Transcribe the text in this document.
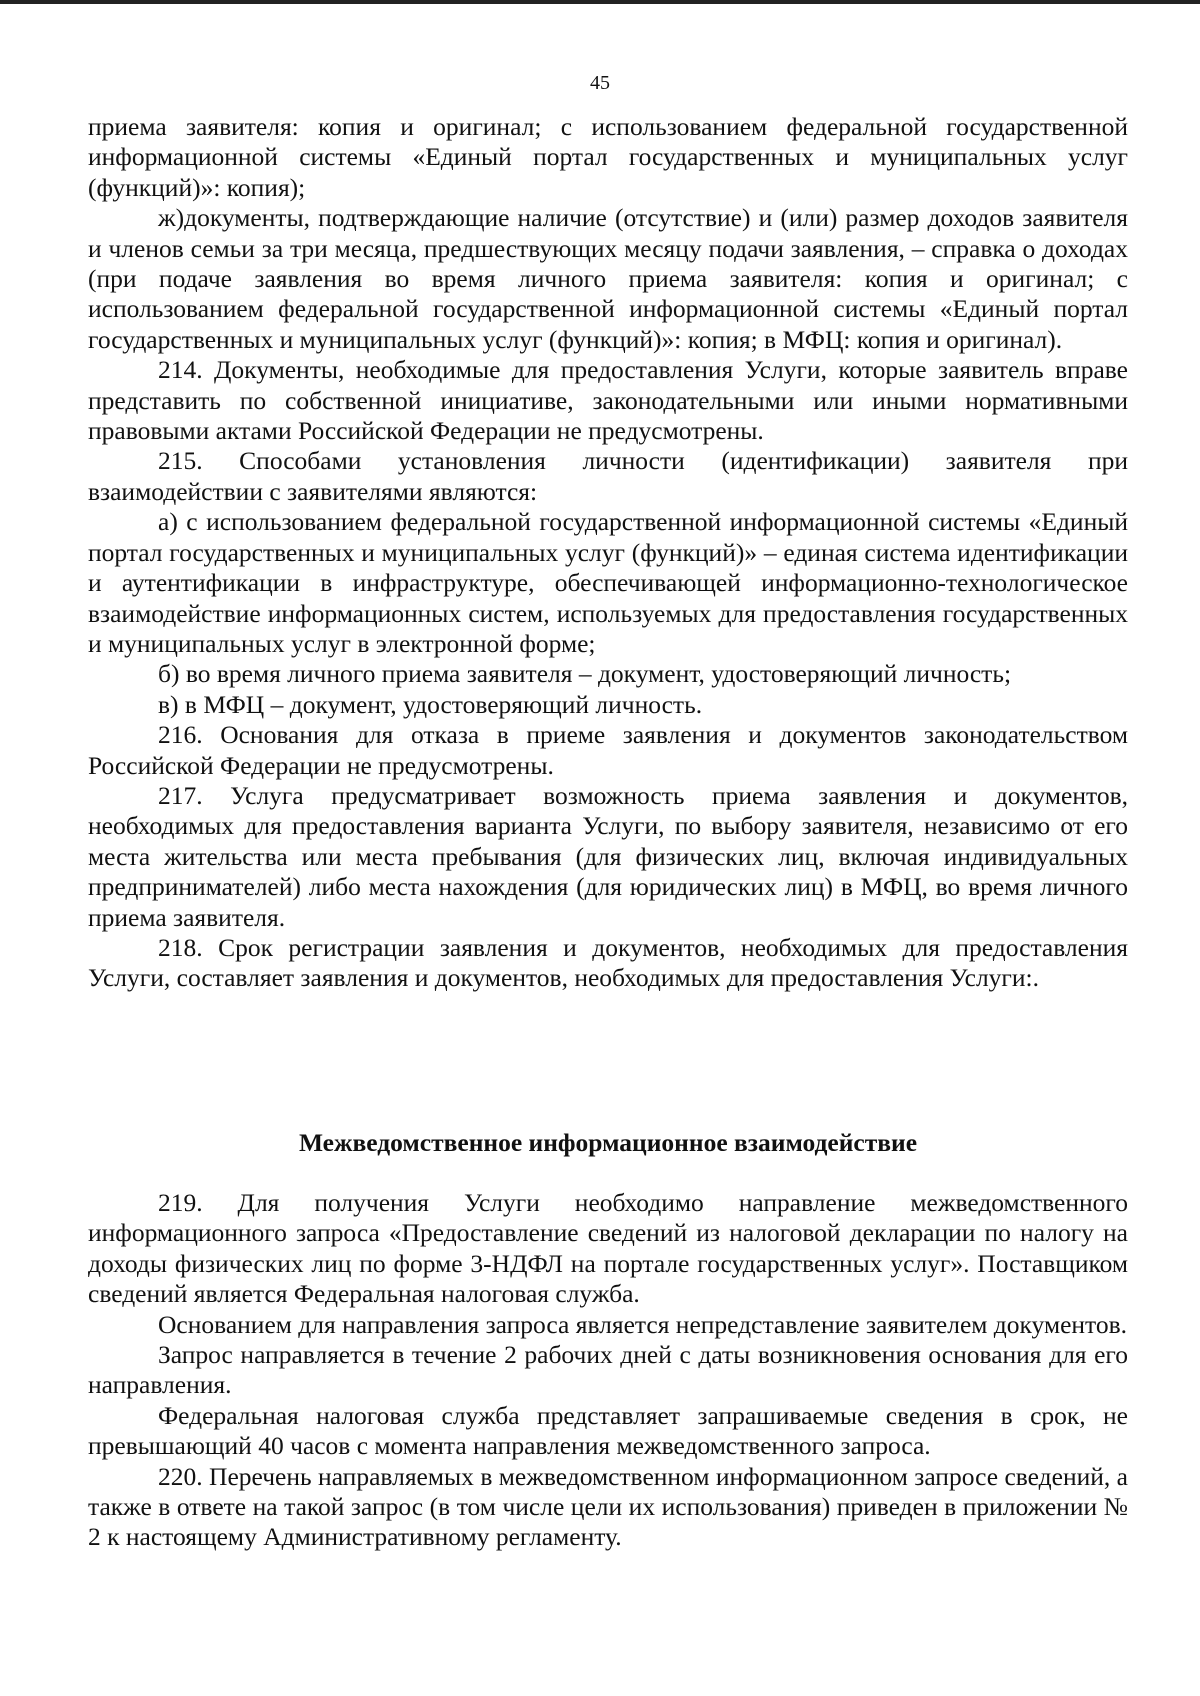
45

приема заявителя: копия и оригинал; с использованием федеральной государственной информационной системы «Единый портал государственных и муниципальных услуг (функций)»: копия);

ж)документы, подтверждающие наличие (отсутствие) и (или) размер доходов заявителя и членов семьи за три месяца, предшествующих месяцу подачи заявления, – справка о доходах (при подаче заявления во время личного приема заявителя: копия и оригинал; с использованием федеральной государственной информационной системы «Единый портал государственных и муниципальных услуг (функций)»: копия; в МФЦ: копия и оригинал).

214. Документы, необходимые для предоставления Услуги, которые заявитель вправе представить по собственной инициативе, законодательными или иными нормативными правовыми актами Российской Федерации не предусмотрены.

215. Способами установления личности (идентификации) заявителя при взаимодействии с заявителями являются:

а) с использованием федеральной государственной информационной системы «Единый портал государственных и муниципальных услуг (функций)» – единая система идентификации и аутентификации в инфраструктуре, обеспечивающей информационно-технологическое взаимодействие информационных систем, используемых для предоставления государственных и муниципальных услуг в электронной форме;

б) во время личного приема заявителя – документ, удостоверяющий личность;

в) в МФЦ – документ, удостоверяющий личность.

216. Основания для отказа в приеме заявления и документов законодательством Российской Федерации не предусмотрены.

217. Услуга предусматривает возможность приема заявления и документов, необходимых для предоставления варианта Услуги, по выбору заявителя, независимо от его места жительства или места пребывания (для физических лиц, включая индивидуальных предпринимателей) либо места нахождения (для юридических лиц) в МФЦ, во время личного приема заявителя.

218. Срок регистрации заявления и документов, необходимых для предоставления Услуги, составляет заявления и документов, необходимых для предоставления Услуги:.

Межведомственное информационное взаимодействие

219. Для получения Услуги необходимо направление межведомственного информационного запроса «Предоставление сведений из налоговой декларации по налогу на доходы физических лиц по форме 3-НДФЛ на портале государственных услуг». Поставщиком сведений является Федеральная налоговая служба.

Основанием для направления запроса является непредставление заявителем документов.

Запрос направляется в течение 2 рабочих дней с даты возникновения основания для его направления.

Федеральная налоговая служба представляет запрашиваемые сведения в срок, не превышающий 40 часов с момента направления межведомственного запроса.

220. Перечень направляемых в межведомственном информационном запросе сведений, а также в ответе на такой запрос (в том числе цели их использования) приведен в приложении № 2 к настоящему Административному регламенту.
